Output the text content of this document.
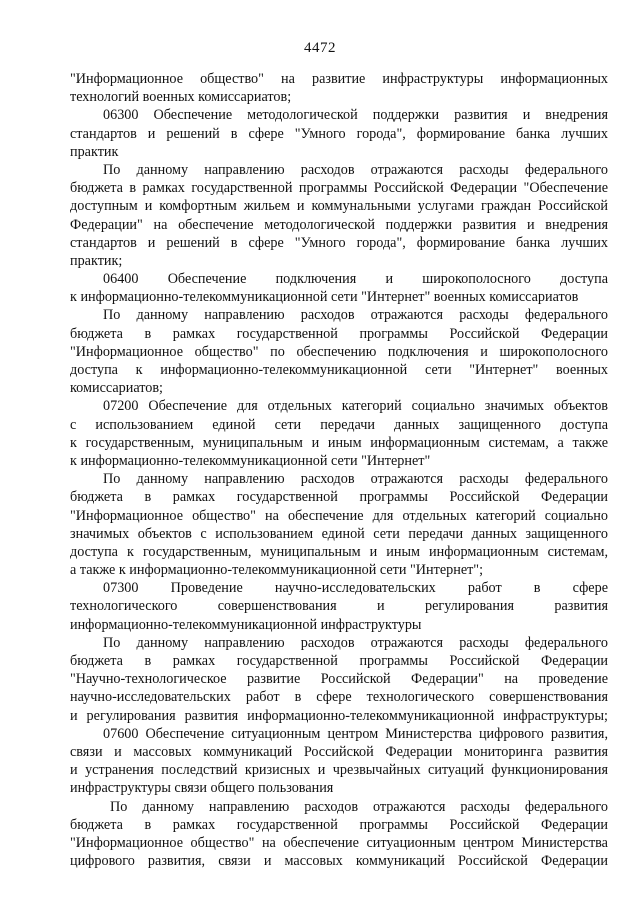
4472
"Информационное общество" на развитие инфраструктуры информационных
технологий военных комиссариатов;
06300 Обеспечение методологической поддержки развития и внедрения
стандартов и решений в сфере "Умного города", формирование банка лучших
практик
По данному направлению расходов отражаются расходы федерального
бюджета в рамках государственной программы Российской Федерации "Обеспечение
доступным и комфортным жильем и коммунальными услугами граждан Российской
Федерации" на обеспечение методологической поддержки развития и внедрения
стандартов и решений в сфере "Умного города", формирование банка лучших
практик;
06400 Обеспечение подключения и широкополосного доступа
к информационно-телекоммуникационной сети "Интернет" военных комиссариатов
По данному направлению расходов отражаются расходы федерального
бюджета в рамках государственной программы Российской Федерации
"Информационное общество" по обеспечению подключения и широкополосного
доступа к информационно-телекоммуникационной сети "Интернет" военных
комиссариатов;
07200 Обеспечение для отдельных категорий социально значимых объектов
с использованием единой сети передачи данных защищенного доступа
к государственным, муниципальным и иным информационным системам, а также
к информационно-телекоммуникационной сети "Интернет"
По данному направлению расходов отражаются расходы федерального
бюджета в рамках государственной программы Российской Федерации
"Информационное общество" на обеспечение для отдельных категорий социально
значимых объектов с использованием единой сети передачи данных защищенного
доступа к государственным, муниципальным и иным информационным системам,
а также к информационно-телекоммуникационной сети "Интернет";
07300 Проведение научно-исследовательских работ в сфере
технологического совершенствования и регулирования развития
информационно-телекоммуникационной инфраструктуры
По данному направлению расходов отражаются расходы федерального
бюджета в рамках государственной программы Российской Федерации
"Научно-технологическое развитие Российской Федерации" на проведение
научно-исследовательских работ в сфере технологического совершенствования
и регулирования развития информационно-телекоммуникационной инфраструктуры;
07600 Обеспечение ситуационным центром Министерства цифрового развития,
связи и массовых коммуникаций Российской Федерации мониторинга развития
и устранения последствий кризисных и чрезвычайных ситуаций функционирования
инфраструктуры связи общего пользования
По данному направлению расходов отражаются расходы федерального
бюджета в рамках государственной программы Российской Федерации
"Информационное общество" на обеспечение ситуационным центром Министерства
цифрового развития, связи и массовых коммуникаций Российской Федерации
